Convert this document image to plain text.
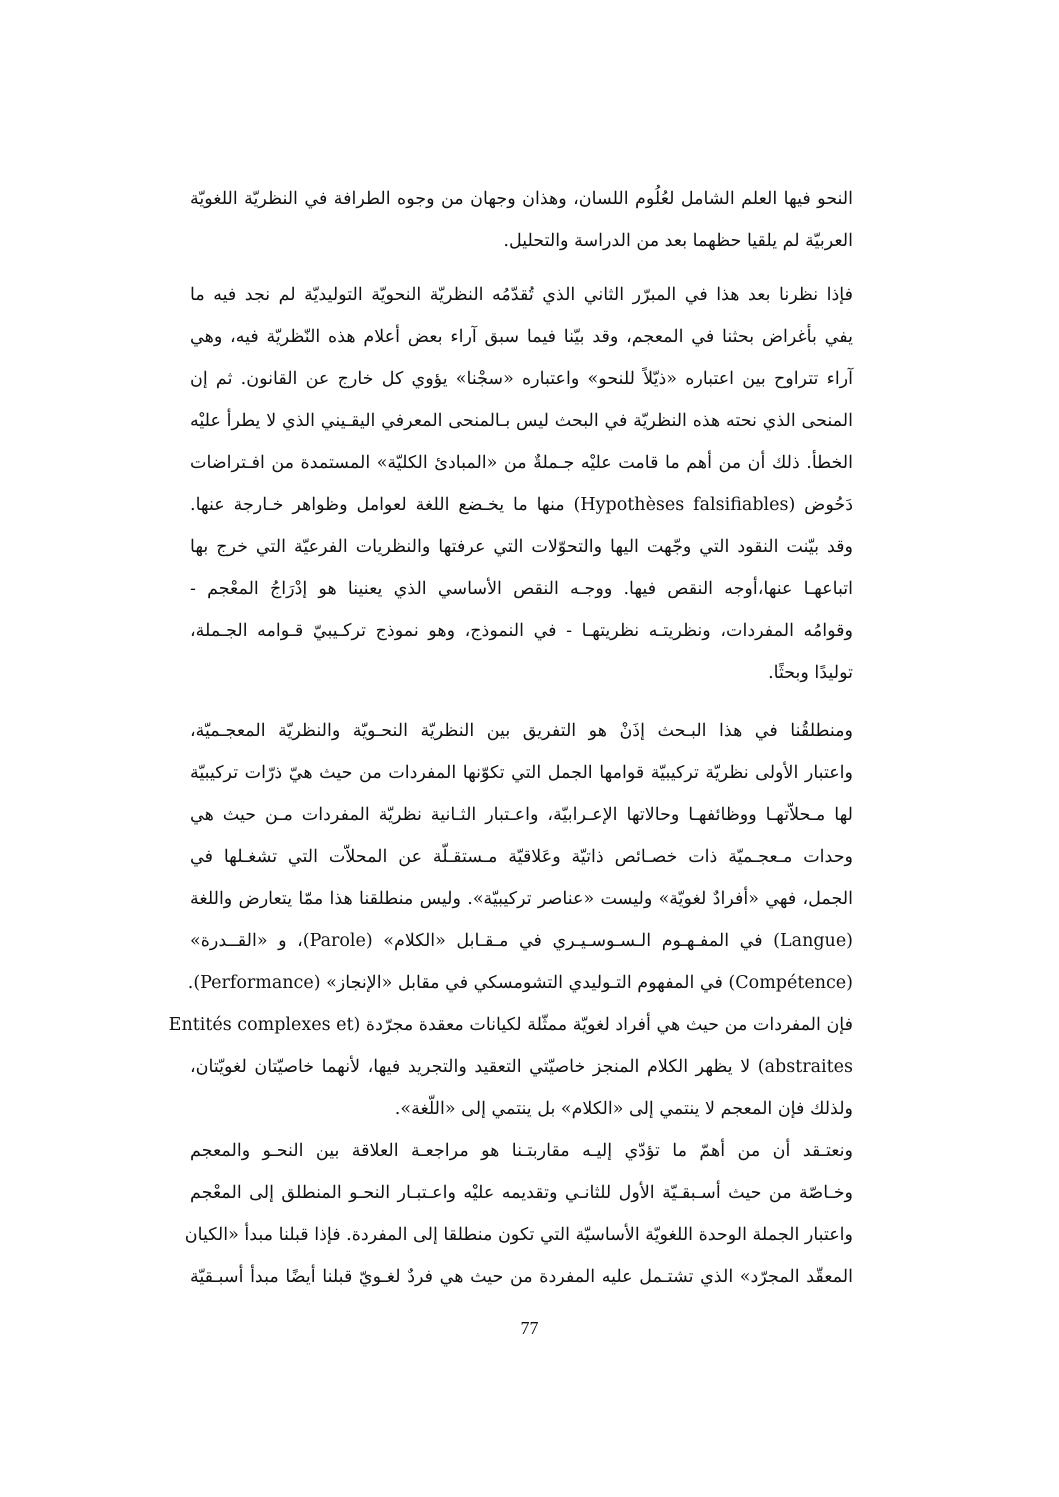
النحو فيها العلم الشامل لعُلُوم اللسان، وهذان وجهان من وجوه الطرافة في النظريّة اللغويّة
العربيّة لم يلقيا حظهما بعد من الدراسة والتحليل.
فإذا نظرنا بعد هذا في المبرّر الثاني الذي تُقدّمُه النظريّة النحويّة التوليديّة لم نجد فيه ما
يفي بأغراض بحثنا في المعجم، وقد بيّنا فيما سبق آراء بعض أعلام هذه النّظريّة فيه، وهي
آراء تتراوح بين اعتباره «ذيّلاً للنحو» واعتباره «سجْنا» يؤوي كل خارج عن القانون. ثم إن
المنحى الذي نحته هذه النظريّة في البحث ليس بـالمنحى المعرفي اليقـيني الذي لا يطرأ عليْه
الخطأ. ذلك أن من أهم ما قامت عليْه جـملةٌ من «المبادئ الكليّة» المستمدة من افـتراضات
دَحُوض (Hypothèses falsifiables) منها ما يخـضع اللغة لعوامل وظواهر خـارجة عنها.
وقد بيّنت النقود التي وجّهت اليها والتحوّلات التي عرفتها والنظريات الفرعيّة التي خرج بها
اتباعهـا عنها،أوجه النقص فيها. ووجـه النقص الأساسي الذي يعنينا هو إدْرَاجُ المعْجم -
وقوامُه المفردات، ونظريتـه نظريتهـا - في النموذج، وهو نموذج تركـيبيّ قـوامه الجـملة،
توليدًا وبحثًا.
ومنطلقُنا في هذا البـحث إذَنْ هو التفريق بين النظريّة النحـويّة والنظريّة المعجـميّة،
واعتبار الأولى نظريّة تركيبيّة قوامها الجمل التي تكوّنها المفردات من حيث هيّ ذرّات تركيبيّة
لها مـحلاّتهـا ووظائفهـا وحالاتها الإعـرابيّة، واعـتبار الثـانية نظريّة المفردات مـن حيث هي
وحدات مـعجـميّة ذات خصـائص ذاتيّة وعَلاقيّة مـستقـلّة عن المحلاّت التي تشغـلها في
الجمل، فهي «أفرادٌ لغويّة» وليست «عناصر تركيبيّة». وليس منطلقنا هذا ممّا يتعارض واللغة
(Langue) في المفـهـوم الـسـوسـيـري في مـقـابل «الكلام» (Parole)، و «القــدرة»
(Compétence) في المفهوم التـوليدي التشومسكي في مقابل «الإنجاز» (Performance).
فإن المفردات من حيث هي أفراد لغويّة ممثّلة لكيانات معقدة مجرّدة (Entités complexes et
abstraites) لا يظهر الكلام المنجز خاصيّتي التعقيد والتجريد فيها، لأنهما خاصيّتان لغويّتان،
ولذلك فإن المعجم لا ينتمي إلى «الكلام» بل ينتمي إلى «اللّغة».
ونعتـقد أن من أهمّ ما تؤدّي إليـه مقاربتـنا هو مراجعـة العلاقة بين النحـو والمعجم
وخـاصّة من حيث أسـبقـيّة الأول للثانـي وتقديمه عليْه واعـتبـار النحـو المنطلق إلى المعْجم
واعتبار الجملة الوحدة اللغويّة الأساسيّة التي تكون منطلقا إلى المفردة. فإذا قبلنا مبدأ «الكيان
المعقّد المجرّد» الذي تشتـمل عليه المفردة من حيث هي فردٌ لغـويّ قبلنا أيضًا مبدأ أسبـقيّة
77
